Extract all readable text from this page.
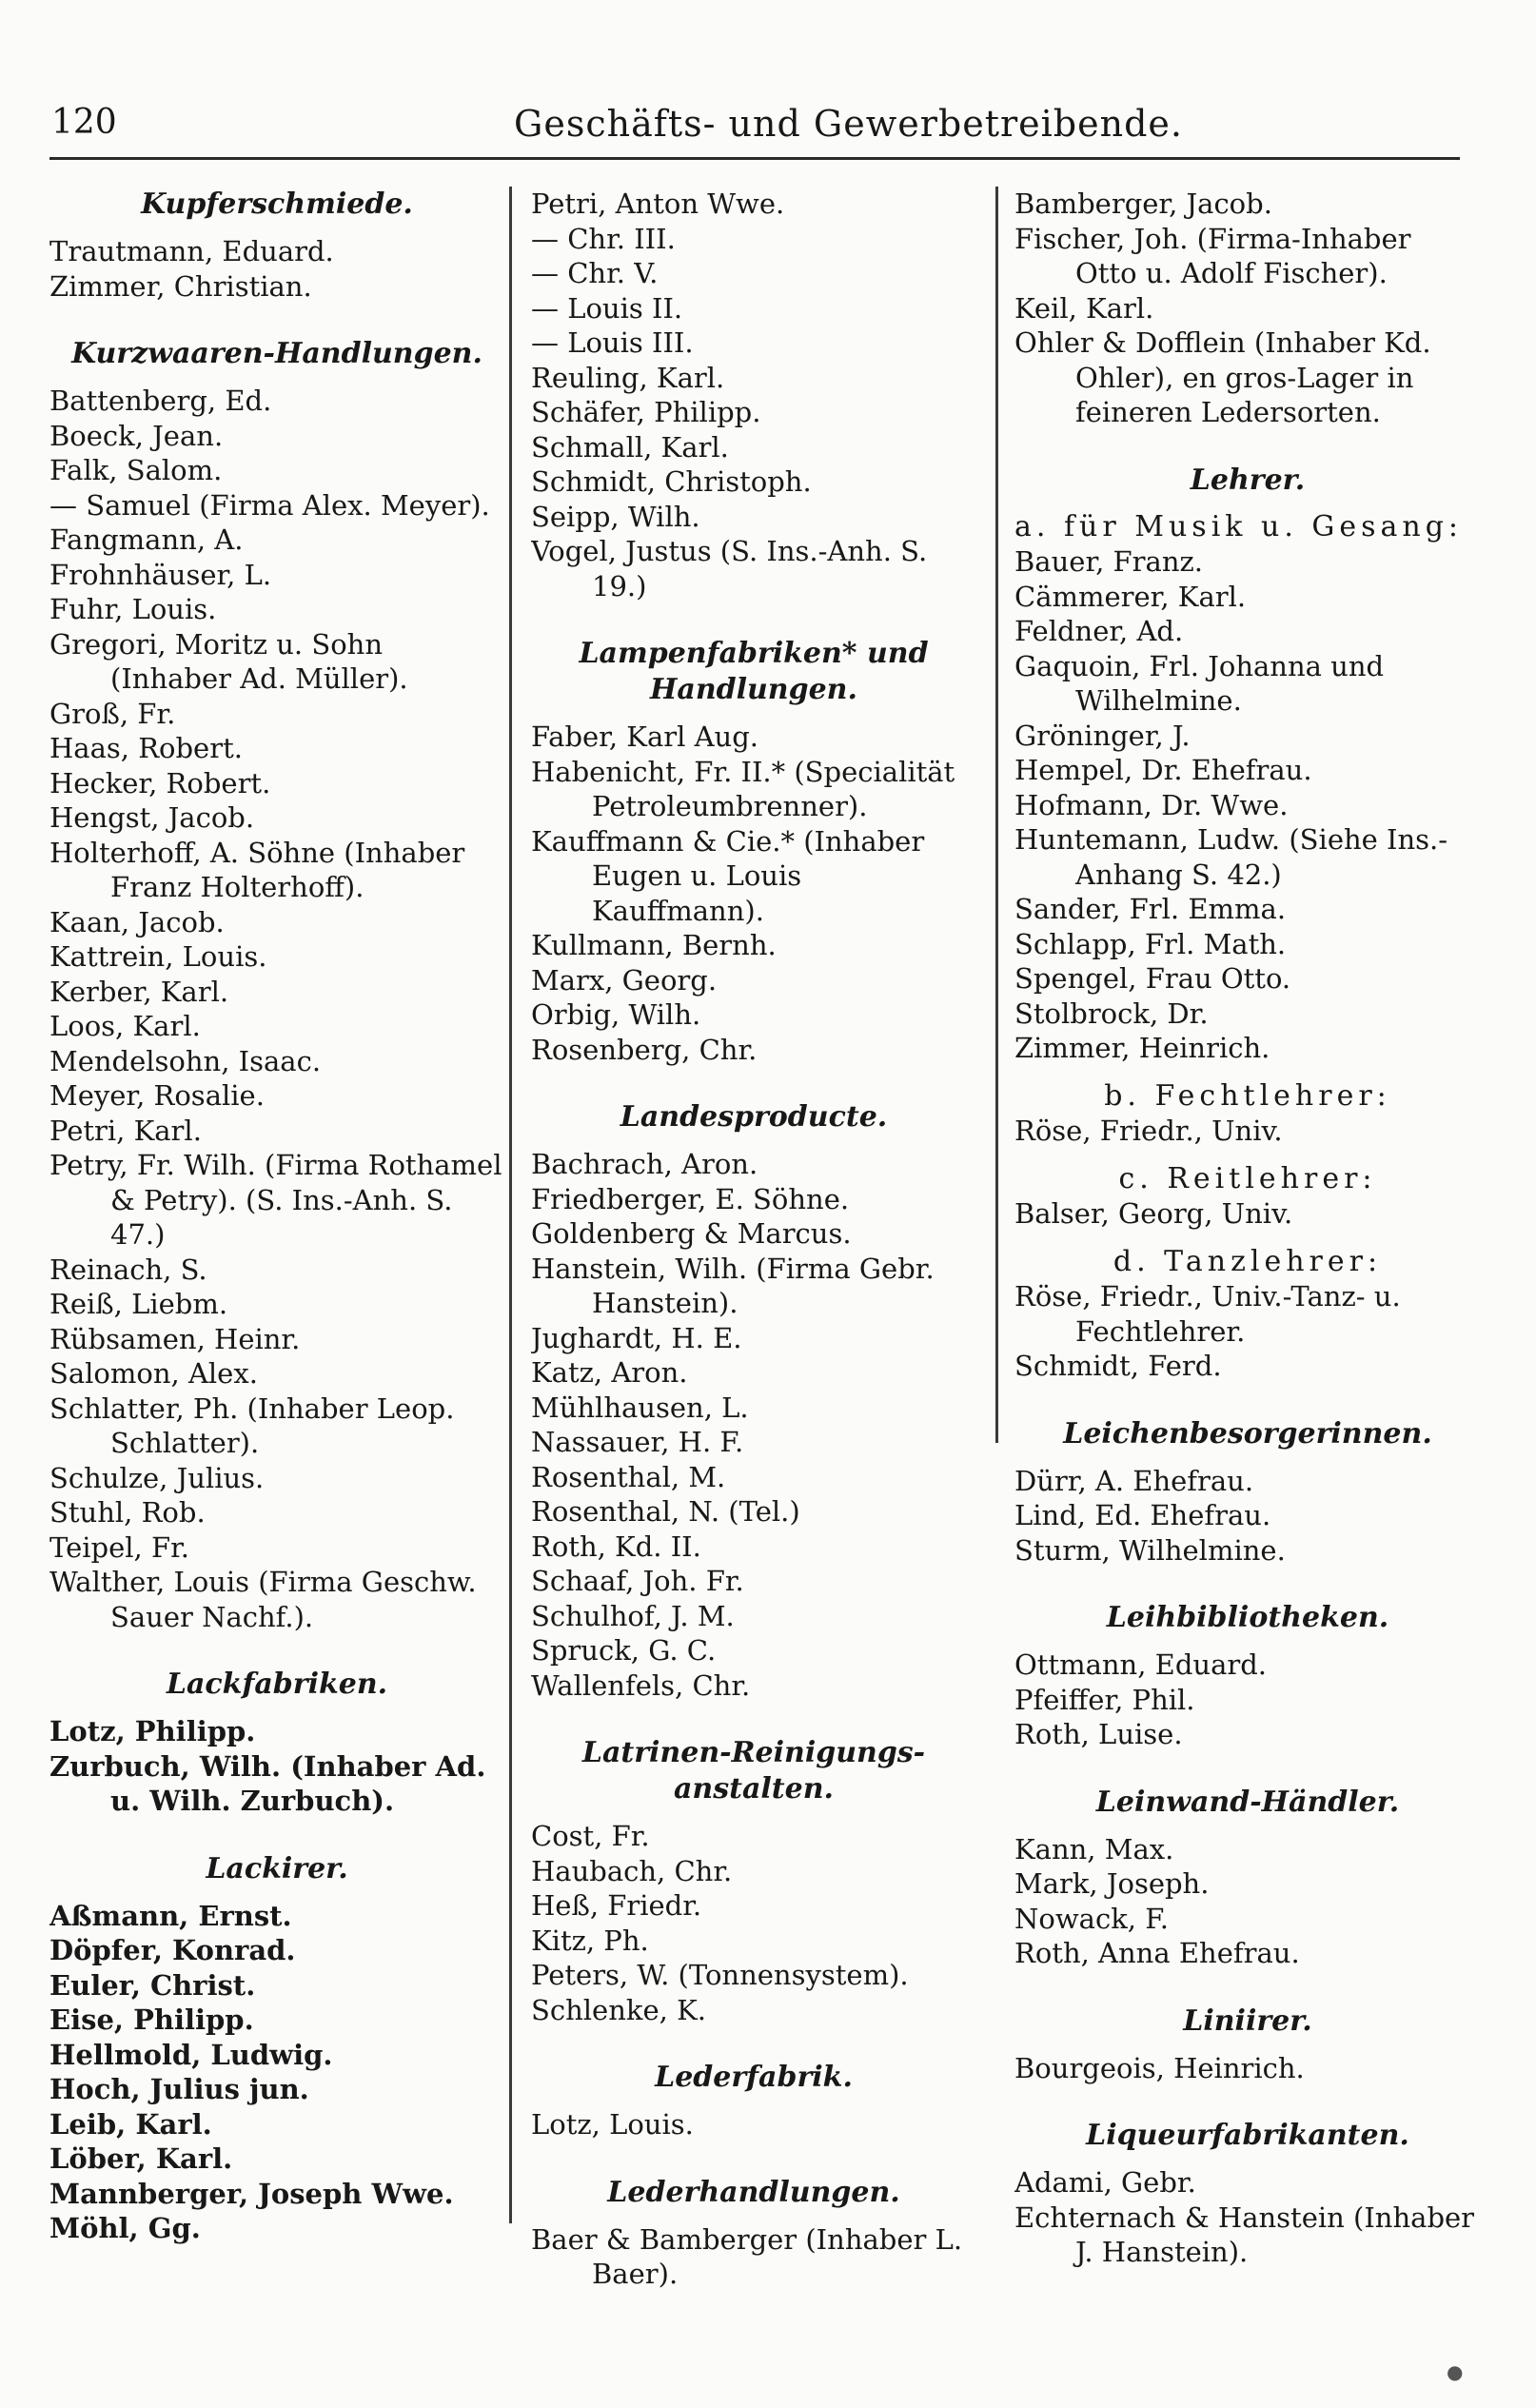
120	Geschäfts- und Gewerbetreibende.
Kupferschmiede.
Trautmann, Eduard.
Zimmer, Christian.
Kurzwaaren-Handlungen.
Battenberg, Ed.
Boeck, Jean.
Falk, Salom.
— Samuel (Firma Alex. Meyer).
Fangmann, A.
Frohnhäuser, L.
Fuhr, Louis.
Gregori, Moritz u. Sohn (Inhaber Ad. Müller).
Groß, Fr.
Haas, Robert.
Hecker, Robert.
Hengst, Jacob.
Holterhoff, A. Söhne (Inhaber Franz Holterhoff).
Kaan, Jacob.
Kattrein, Louis.
Kerber, Karl.
Loos, Karl.
Mendelsohn, Isaac.
Meyer, Rosalie.
Petri, Karl.
Petry, Fr. Wilh. (Firma Rothamel & Petry). (S. Ins.-Anh. S. 47.)
Reinach, S.
Reiß, Liebm.
Rübsamen, Heinr.
Salomon, Alex.
Schlatter, Ph. (Inhaber Leop. Schlatter).
Schulze, Julius.
Stuhl, Rob.
Teipel, Fr.
Walther, Louis (Firma Geschw. Sauer Nachf.).
Lackfabriken.
Lotz, Philipp.
Zurbuch, Wilh. (Inhaber Ad. u. Wilh. Zurbuch).
Lackirer.
Aßmann, Ernst.
Döpfer, Konrad.
Euler, Christ.
Eise, Philipp.
Hellmold, Ludwig.
Hoch, Julius jun.
Leib, Karl.
Löber, Karl.
Mannberger, Joseph Wwe.
Möhl, Gg.
Petri, Anton Wwe.
— Chr. III.
— Chr. V.
— Louis II.
— Louis III.
Reuling, Karl.
Schäfer, Philipp.
Schmall, Karl.
Schmidt, Christoph.
Seipp, Wilh.
Vogel, Justus (S. Ins.-Anh. S. 19.)
Lampenfabriken* und Handlungen.
Faber, Karl Aug.
Habenicht, Fr. II.* (Specialität Petroleumbrenner).
Kauffmann & Cie.* (Inhaber Eugen u. Louis Kauffmann).
Kullmann, Bernh.
Marx, Georg.
Orbig, Wilh.
Rosenberg, Chr.
Landesproducte.
Bachrach, Aron.
Friedberger, E. Söhne.
Goldenberg & Marcus.
Hanstein, Wilh. (Firma Gebr. Hanstein).
Jughardt, H. E.
Katz, Aron.
Mühlhausen, L.
Nassauer, H. F.
Rosenthal, M.
Rosenthal, N. (Tel.)
Roth, Kd. II.
Schaaf, Joh. Fr.
Schulhof, J. M.
Spruck, G. C.
Wallenfels, Chr.
Latrinen-Reinigungs-anstalten.
Cost, Fr.
Haubach, Chr.
Heß, Friedr.
Kitz, Ph.
Peters, W. (Tonnensystem).
Schlenke, K.
Lederfabrik.
Lotz, Louis.
Lederhandlungen.
Baer & Bamberger (Inhaber L. Baer).
Bamberger, Jacob.
Fischer, Joh. (Firma-Inhaber Otto u. Adolf Fischer).
Keil, Karl.
Ohler & Dofflein (Inhaber Kd. Ohler), en gros-Lager in feineren Ledersorten.
Lehrer.
a. für Musik u. Gesang:
Bauer, Franz.
Cämmerer, Karl.
Feldner, Ad.
Gaquoin, Frl. Johanna und Wilhelmine.
Gröninger, J.
Hempel, Dr. Ehefrau.
Hofmann, Dr. Wwe.
Huntemann, Ludw. (Siehe Ins.-Anhang S. 42.)
Sander, Frl. Emma.
Schlapp, Frl. Math.
Spengel, Frau Otto.
Stolbrock, Dr.
Zimmer, Heinrich.
b. Fechtlehrer:
Röse, Friedr., Univ.
c. Reitlehrer:
Balser, Georg, Univ.
d. Tanzlehrer:
Röse, Friedr., Univ.-Tanz- u. Fechtlehrer.
Schmidt, Ferd.
Leichenbesorgerinnen.
Dürr, A. Ehefrau.
Lind, Ed. Ehefrau.
Sturm, Wilhelmine.
Leihbibliotheken.
Ottmann, Eduard.
Pfeiffer, Phil.
Roth, Luise.
Leinwand-Händler.
Kann, Max.
Mark, Joseph.
Nowack, F.
Roth, Anna Ehefrau.
Liniirer.
Bourgeois, Heinrich.
Liqueurfabrikanten.
Adami, Gebr.
Echternach & Hanstein (Inhaber J. Hanstein).
●
